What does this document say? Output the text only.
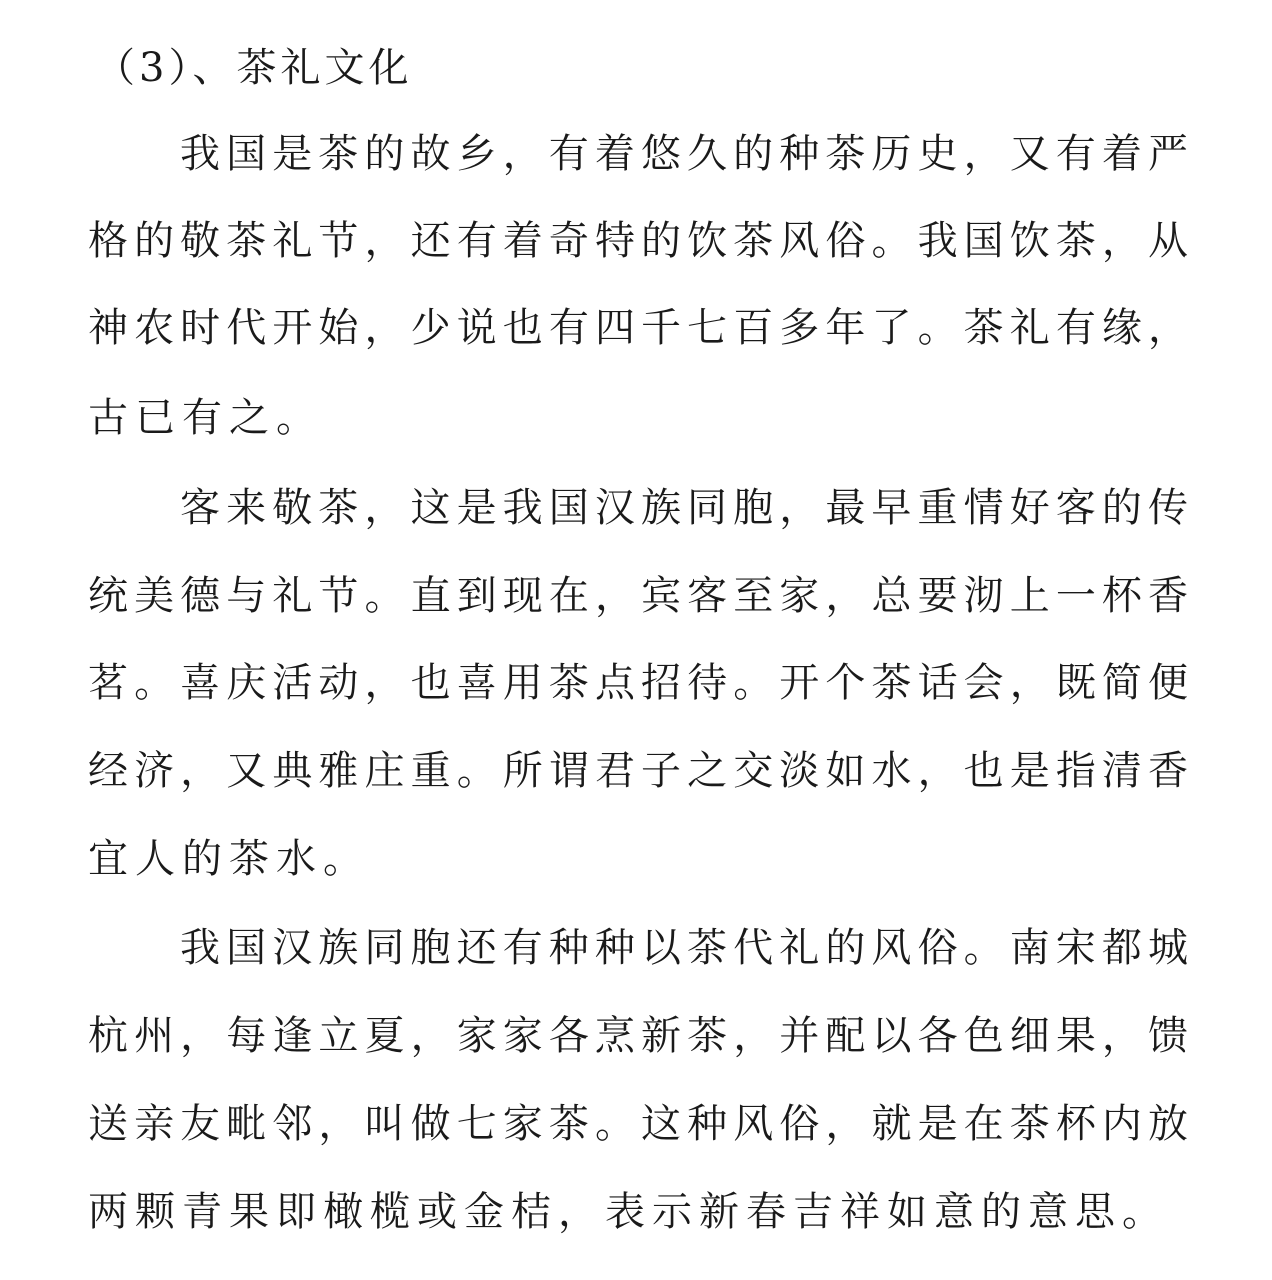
（3）、茶礼文化

我国是茶的故乡，有着悠久的种茶历史，又有着严

格的敬茶礼节，还有着奇特的饮茶风俗。我国饮茶，从

神农时代开始，少说也有四千七百多年了。茶礼有缘，

古已有之。

客来敬茶，这是我国汉族同胞，最早重情好客的传

统美德与礼节。直到现在，宾客至家，总要沏上一杯香

茗。喜庆活动，也喜用茶点招待。开个茶话会，既简便

经济，又典雅庄重。所谓君子之交淡如水，也是指清香

宜人的茶水。

我国汉族同胞还有种种以茶代礼的风俗。南宋都城

杭州，每逢立夏，家家各烹新茶，并配以各色细果，馈

送亲友毗邻，叫做七家茶。这种风俗，就是在茶杯内放

两颗青果即橄榄或金桔，表示新春吉祥如意的意思。
